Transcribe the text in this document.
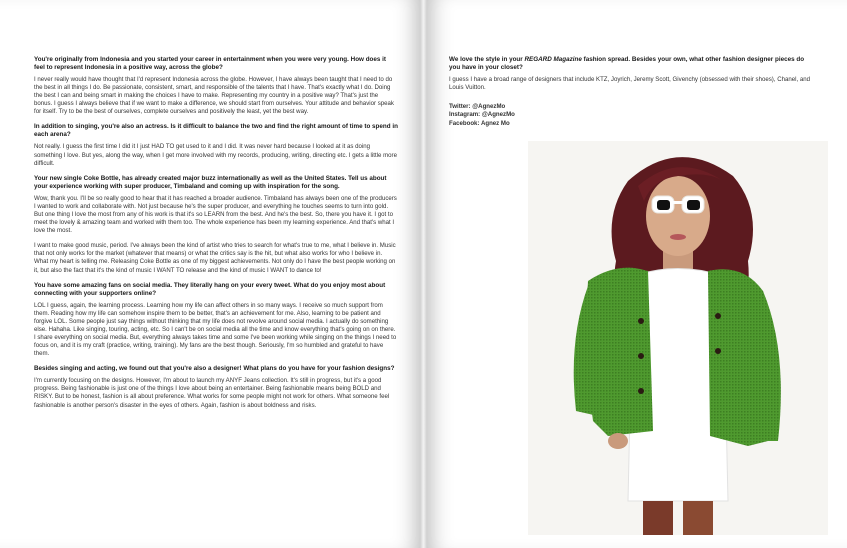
You're originally from Indonesia and you started your career in entertainment when you were very young. How does it feel to represent Indonesia in a positive way, across the globe?

I never really would have thought that I'd represent Indonesia across the globe. However, I have always been taught that I need to do the best in all things I do. Be passionate, consistent, smart, and responsible of the talents that I have. That's exactly what I do. Doing the best I can and being smart in making the choices I have to make. Representing my country in a positive way? That's just the bonus. I guess I always believe that if we want to make a difference, we should start from ourselves. Your attitude and behavior speak for itself. Try to be the best of ourselves, complete ourselves and positively the least, yet the best way.

In addition to singing, you're also an actress. Is it difficult to balance the two and find the right amount of time to spend in each arena?

Not really. I guess the first time I did it I just HAD TO get used to it and I did. It was never hard because I looked at it as doing something I love. But yes, along the way, when I get more involved with my records, producing, writing, directing etc. I gets a little more difficult.

Your new single Coke Bottle, has already created major buzz internationally as well as the United States. Tell us about your experience working with super producer, Timbaland and coming up with inspiration for the song.

Wow, thank you. I'll be so really good to hear that it has reached a broader audience. Timbaland has always been one of the producers I wanted to work and collaborate with. Not just because he's the super producer, and everything he touches seems to turn into gold. But one thing I love the most from any of his work is that it's so LEARN from the best. And he's the best. So, there you have it. I got to meet the lovely & amazing team and worked with them too. The whole experience has been my learning experience. And that's what I love the most.

I want to make good music, period. I've always been the kind of artist who tries to search for what's true to me, what I believe in. Music that not only works for the market (whatever that means) or what the critics say is the hit, but what also works for who I believe in. What my heart is telling me. Releasing Coke Bottle as one of my biggest achievements. Not only do I have the best people working on it, but also the fact that it's the kind of music I WANT TO release and the kind of music I WANT to dance to!

You have some amazing fans on social media. They literally hang on your every tweet. What do you enjoy most about connecting with your supporters online?

LOL I guess, again, the learning process. Learning how my life can affect others in so many ways. I receive so much support from them. Reading how my life can somehow inspire them to be better, that's an achievement for me. Also, learning to be patient and forgive LOL. Some people just say things without thinking that my life does not revolve around social media. I actually do something else. Hahaha. Like singing, touring, acting, etc. So I can't be on social media all the time and know everything that's going on on there. I share everything on social media. But, everything always takes time and some I've been working while singing on the things I need to focus on, and it is my craft (practice, writing, training). My fans are the best though. Seriously, I'm so humbled and grateful to have them.

Besides singing and acting, we found out that you're also a designer! What plans do you have for your fashion designs?

I'm currently focusing on the designs. However, I'm about to launch my ANYF Jeans collection. It's still in progress, but it's a good progress. Being fashionable is just one of the things I love about being an entertainer. Being fashionable means being BOLD and RISKY. But to be honest, fashion is all about preference. What works for some people might not work for others. What someone feel fashionable is another person's disaster in the eyes of others. Again, fashion is about boldness and risks.

We love the style in your REGARD Magazine fashion spread. Besides your own, what other fashion designer pieces do you have in your closet?

I guess I have a broad range of designers that include KTZ, Joyrich, Jeremy Scott, Givenchy (obsessed with their shoes), Chanel, and Louis Vuitton.

Twitter: @AgnezMo

Instagram: @AgnezMo

Facebook: Agnez Mo
